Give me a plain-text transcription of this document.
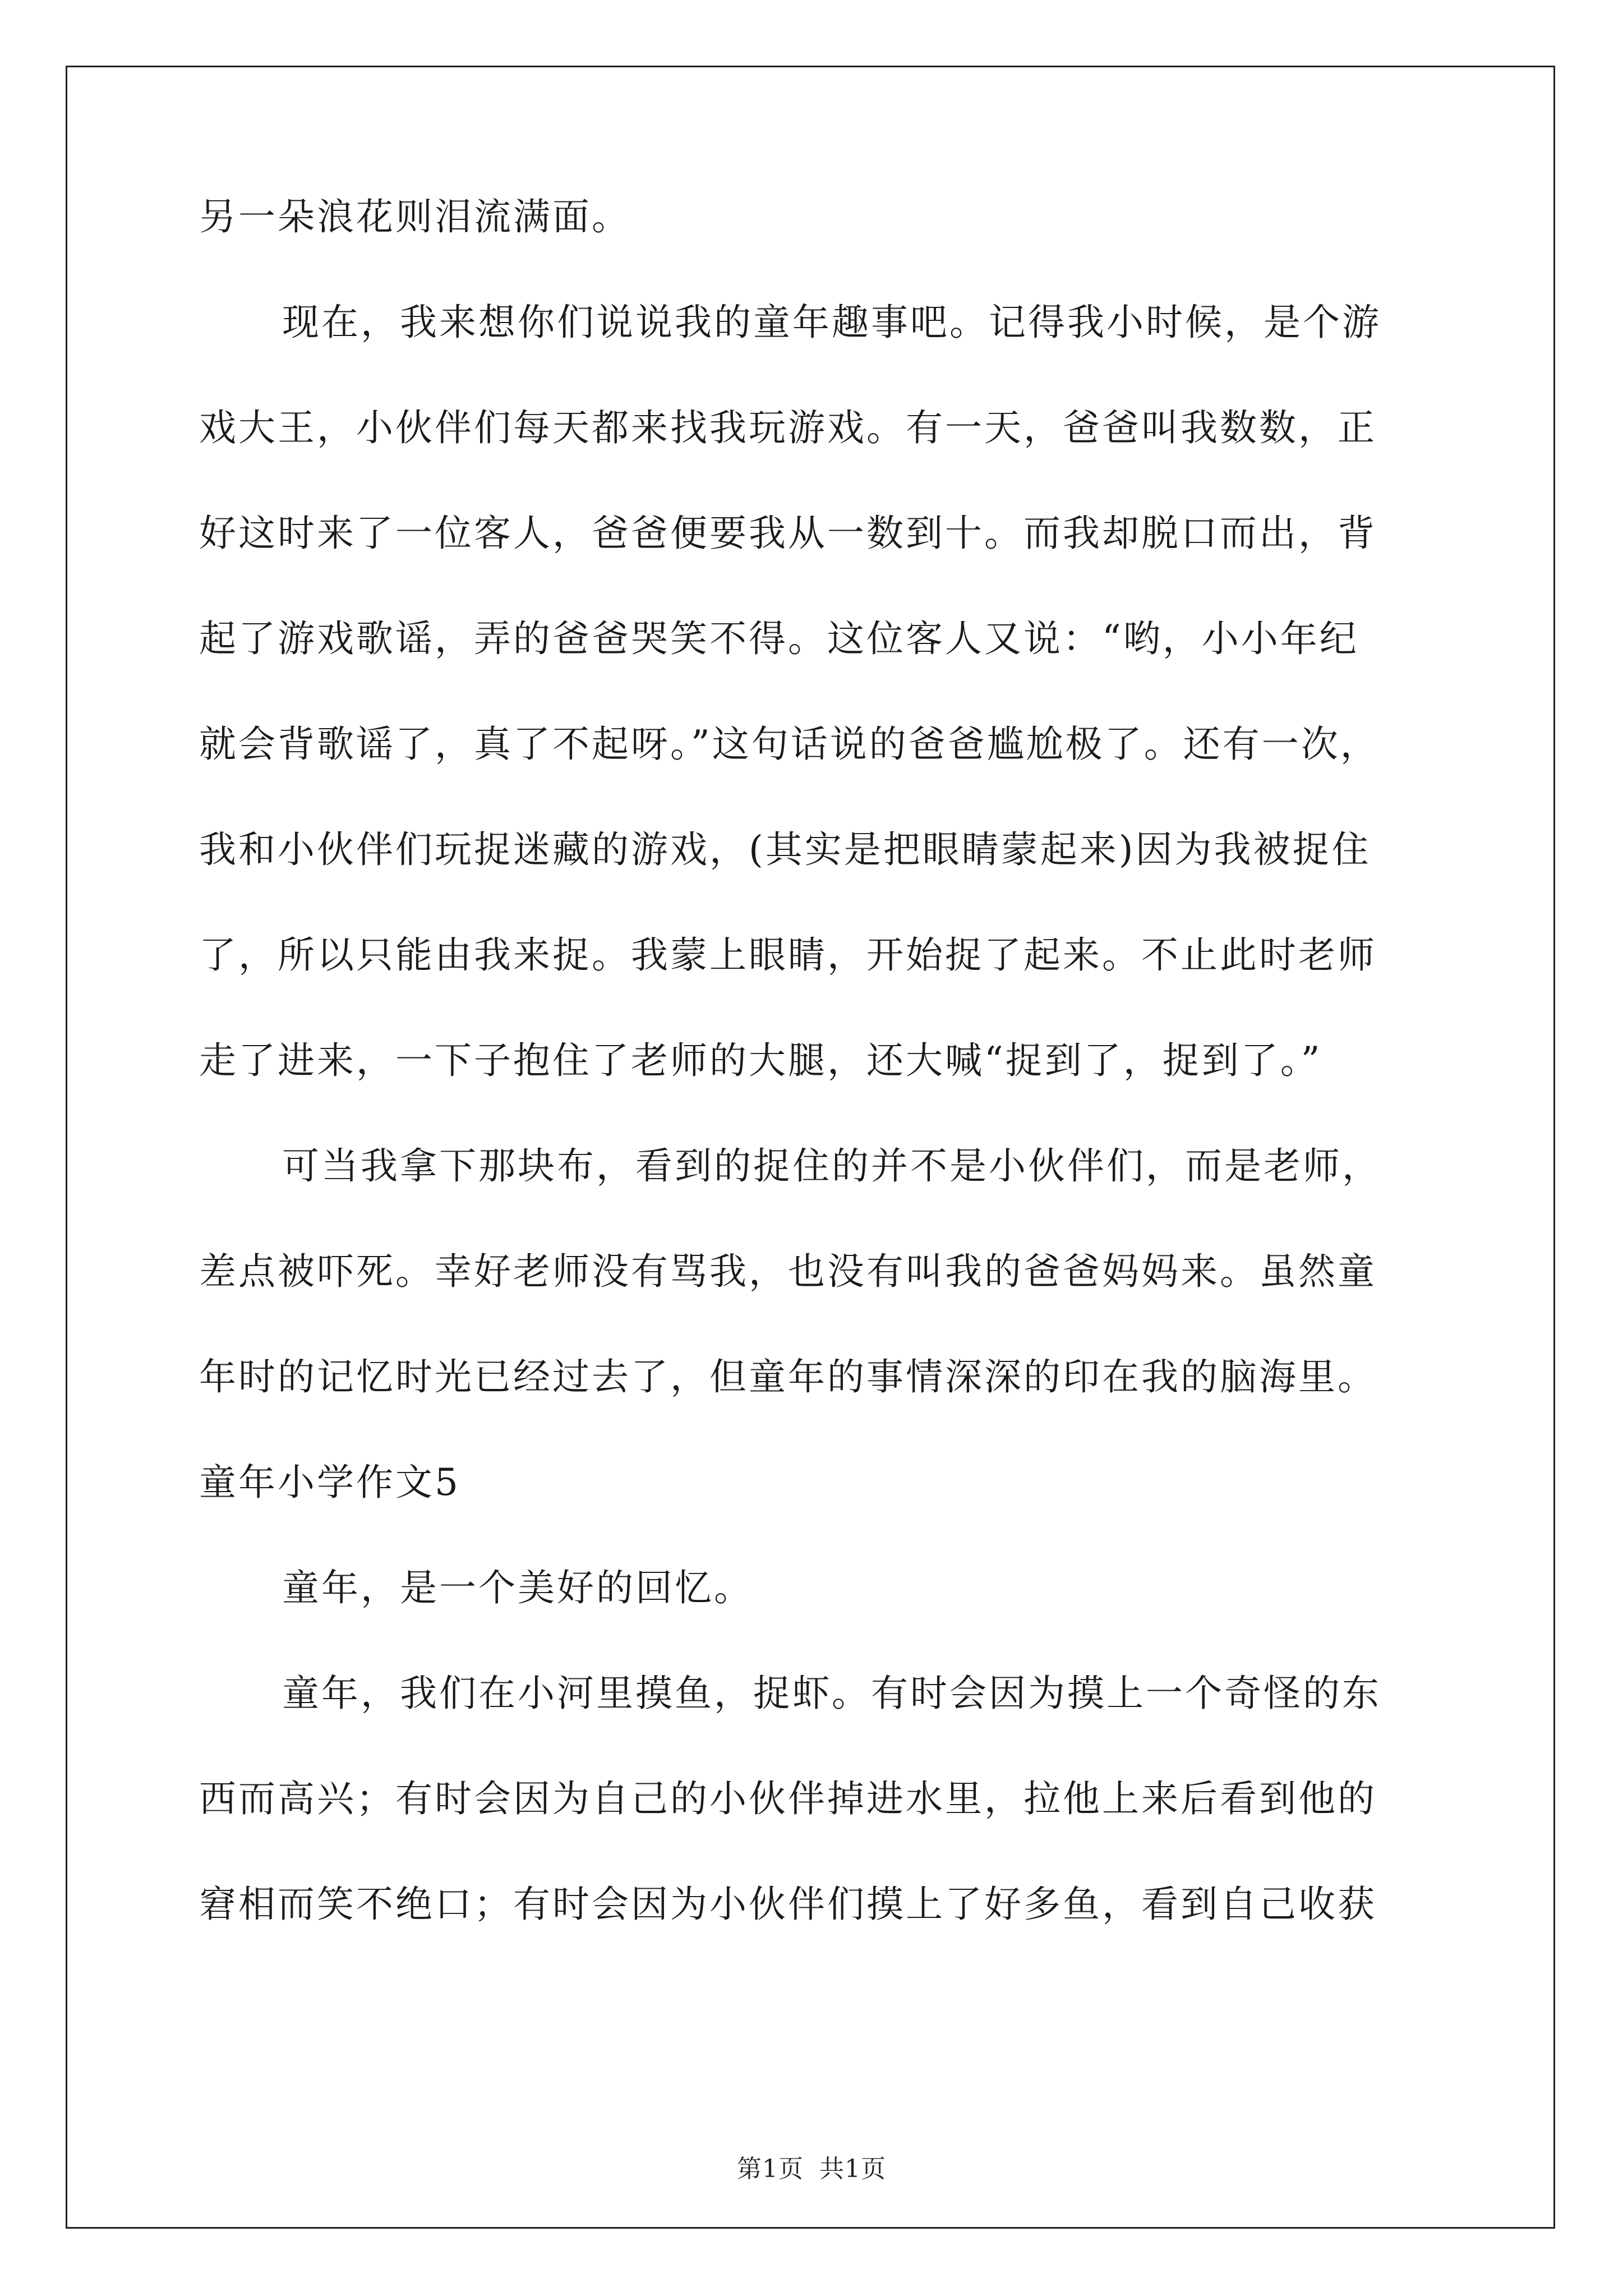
另一朵浪花则泪流满面。
现在，我来想你们说说我的童年趣事吧。记得我小时候，是个游
戏大王，小伙伴们每天都来找我玩游戏。有一天，爸爸叫我数数，正
好这时来了一位客人，爸爸便要我从一数到十。而我却脱口而出，背
起了游戏歌谣，弄的爸爸哭笑不得。这位客人又说：“哟，小小年纪
就会背歌谣了，真了不起呀。”这句话说的爸爸尴尬极了。还有一次，
我和小伙伴们玩捉迷藏的游戏，(其实是把眼睛蒙起来)因为我被捉住
了，所以只能由我来捉。我蒙上眼睛，开始捉了起来。不止此时老师
走了进来，一下子抱住了老师的大腿，还大喊“捉到了，捉到了。”
可当我拿下那块布，看到的捉住的并不是小伙伴们，而是老师，
差点被吓死。幸好老师没有骂我，也没有叫我的爸爸妈妈来。虽然童
年时的记忆时光已经过去了，但童年的事情深深的印在我的脑海里。
童年小学作文5
童年，是一个美好的回忆。
童年，我们在小河里摸鱼，捉虾。有时会因为摸上一个奇怪的东
西而高兴；有时会因为自己的小伙伴掉进水里，拉他上来后看到他的
窘相而笑不绝口；有时会因为小伙伴们摸上了好多鱼，看到自己收获
第1页 共1页
